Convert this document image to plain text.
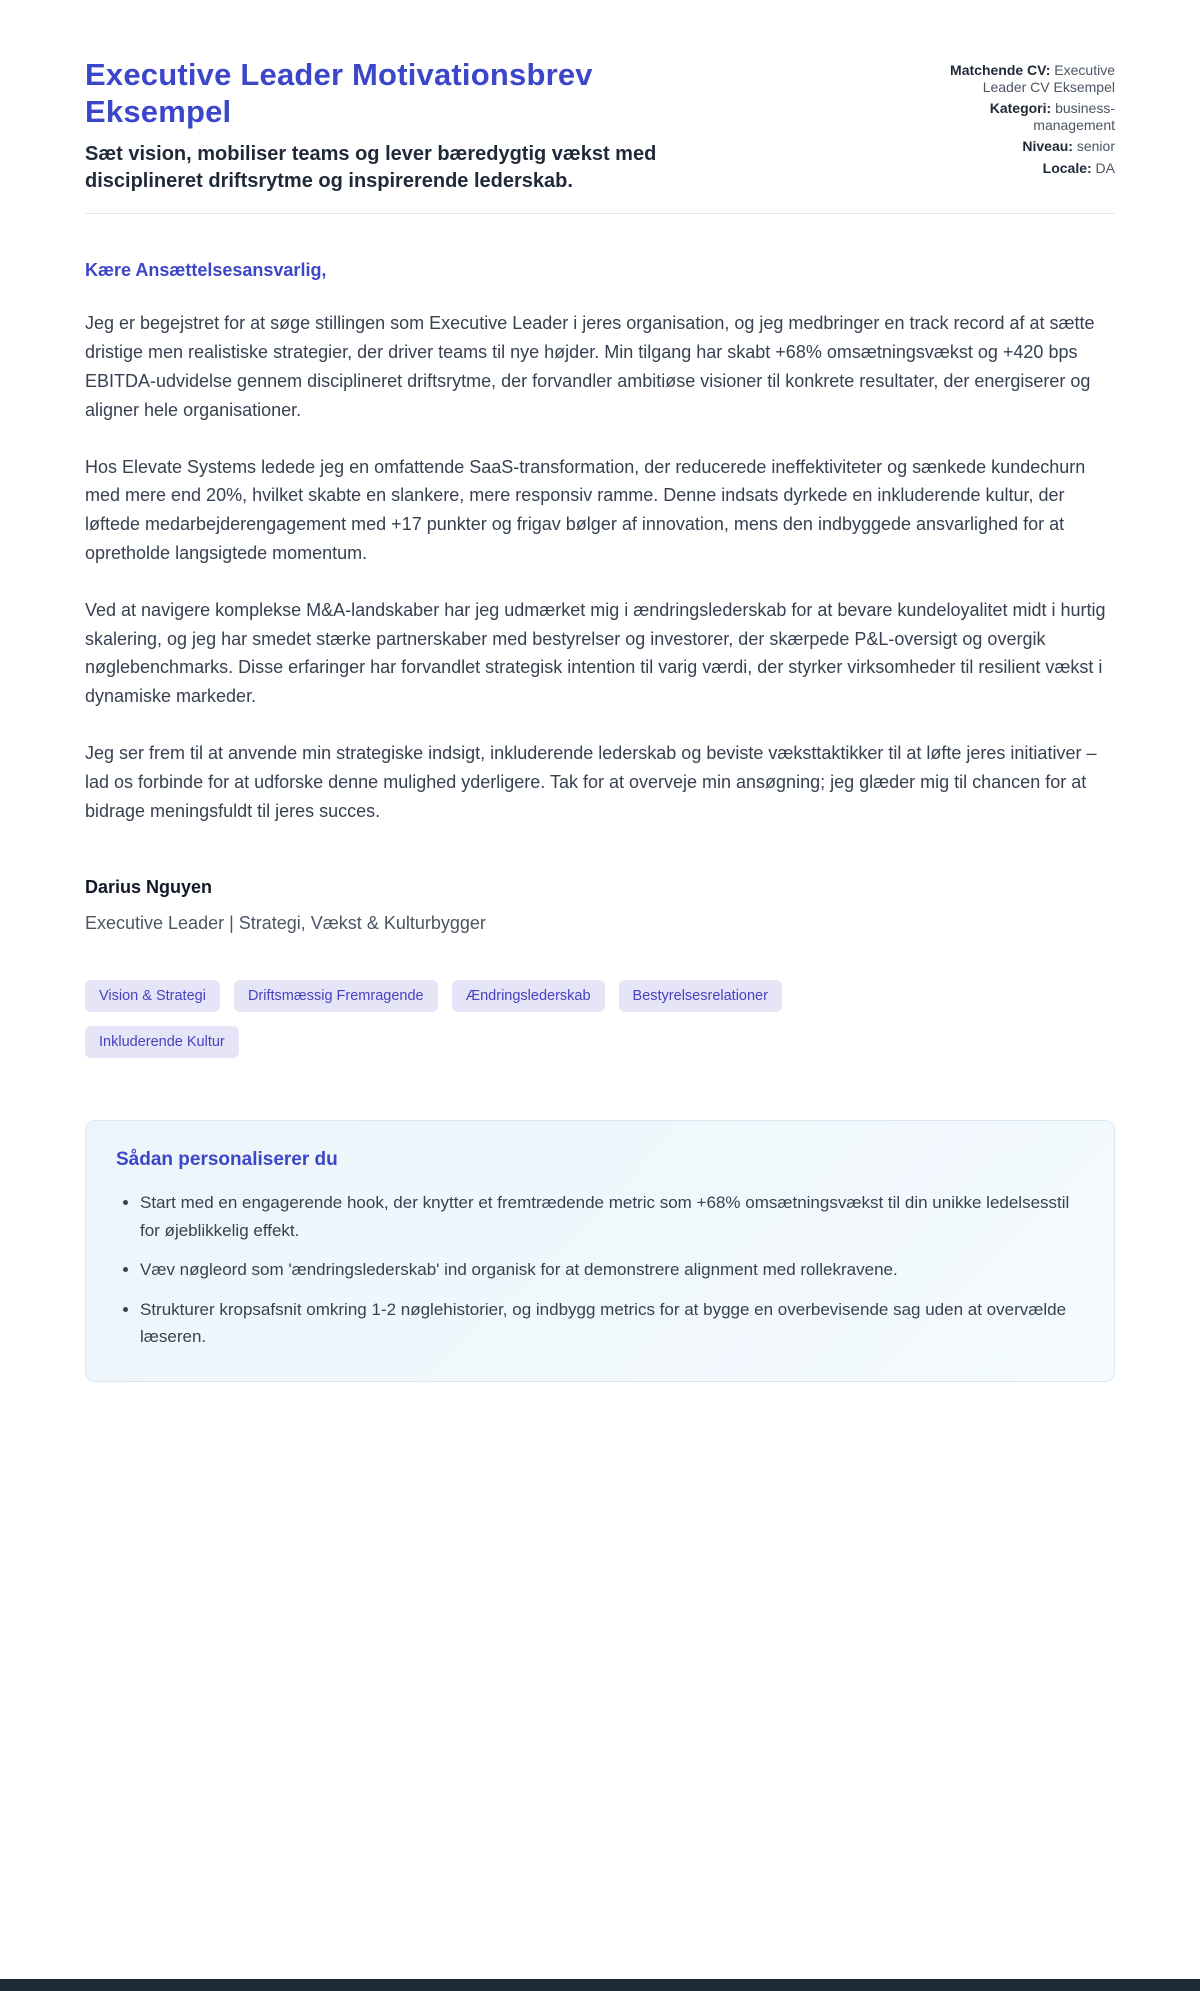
Executive Leader Motivationsbrev Eksempel

Sæt vision, mobiliser teams og lever bæredygtig vækst med disciplineret driftsrytme og inspirerende lederskab.

Matchende CV: Executive Leader CV Eksempel
Kategori: business-management
Niveau: senior
Locale: DA

Kære Ansættelsesansvarlig,

Jeg er begejstret for at søge stillingen som Executive Leader i jeres organisation, og jeg medbringer en track record af at sætte dristige men realistiske strategier, der driver teams til nye højder. Min tilgang har skabt +68% omsætningsvækst og +420 bps EBITDA-udvidelse gennem disciplineret driftsrytme, der forvandler ambitiøse visioner til konkrete resultater, der energiserer og aligner hele organisationer.

Hos Elevate Systems ledede jeg en omfattende SaaS-transformation, der reducerede ineffektiviteter og sænkede kundechurn med mere end 20%, hvilket skabte en slankere, mere responsiv ramme. Denne indsats dyrkede en inkluderende kultur, der løftede medarbejderengagement med +17 punkter og frigav bølger af innovation, mens den indbyggede ansvarlighed for at opretholde langsigtede momentum.

Ved at navigere komplekse M&A-landskaber har jeg udmærket mig i ændringslederskab for at bevare kundeloyalitet midt i hurtig skalering, og jeg har smedet stærke partnerskaber med bestyrelser og investorer, der skærpede P&L-oversigt og overgik nøglebenchmarks. Disse erfaringer har forvandlet strategisk intention til varig værdi, der styrker virksomheder til resilient vækst i dynamiske markeder.

Jeg ser frem til at anvende min strategiske indsigt, inkluderende lederskab og beviste væksttaktikker til at løfte jeres initiativer – lad os forbinde for at udforske denne mulighed yderligere. Tak for at overveje min ansøgning; jeg glæder mig til chancen for at bidrage meningsfuldt til jeres succes.

Darius Nguyen

Executive Leader | Strategi, Vækst & Kulturbygger

Vision & Strategi	Driftsmæssig Fremragende	Ændringslederskab	Bestyrelsesrelationer
Inkluderende Kultur
Sådan personaliserer du
• Start med en engagerende hook, der knytter et fremtrædende metric som +68% omsætningsvækst til din unikke ledelsesstil for øjeblikkelig effekt.
• Væv nøgleord som 'ændringslederskab' ind organisk for at demonstrere alignment med rollekravene.
• Strukturer kropsafsnit omkring 1-2 nøglehistorier, og indbygg metrics for at bygge en overbevisende sag uden at overvælde læseren.
